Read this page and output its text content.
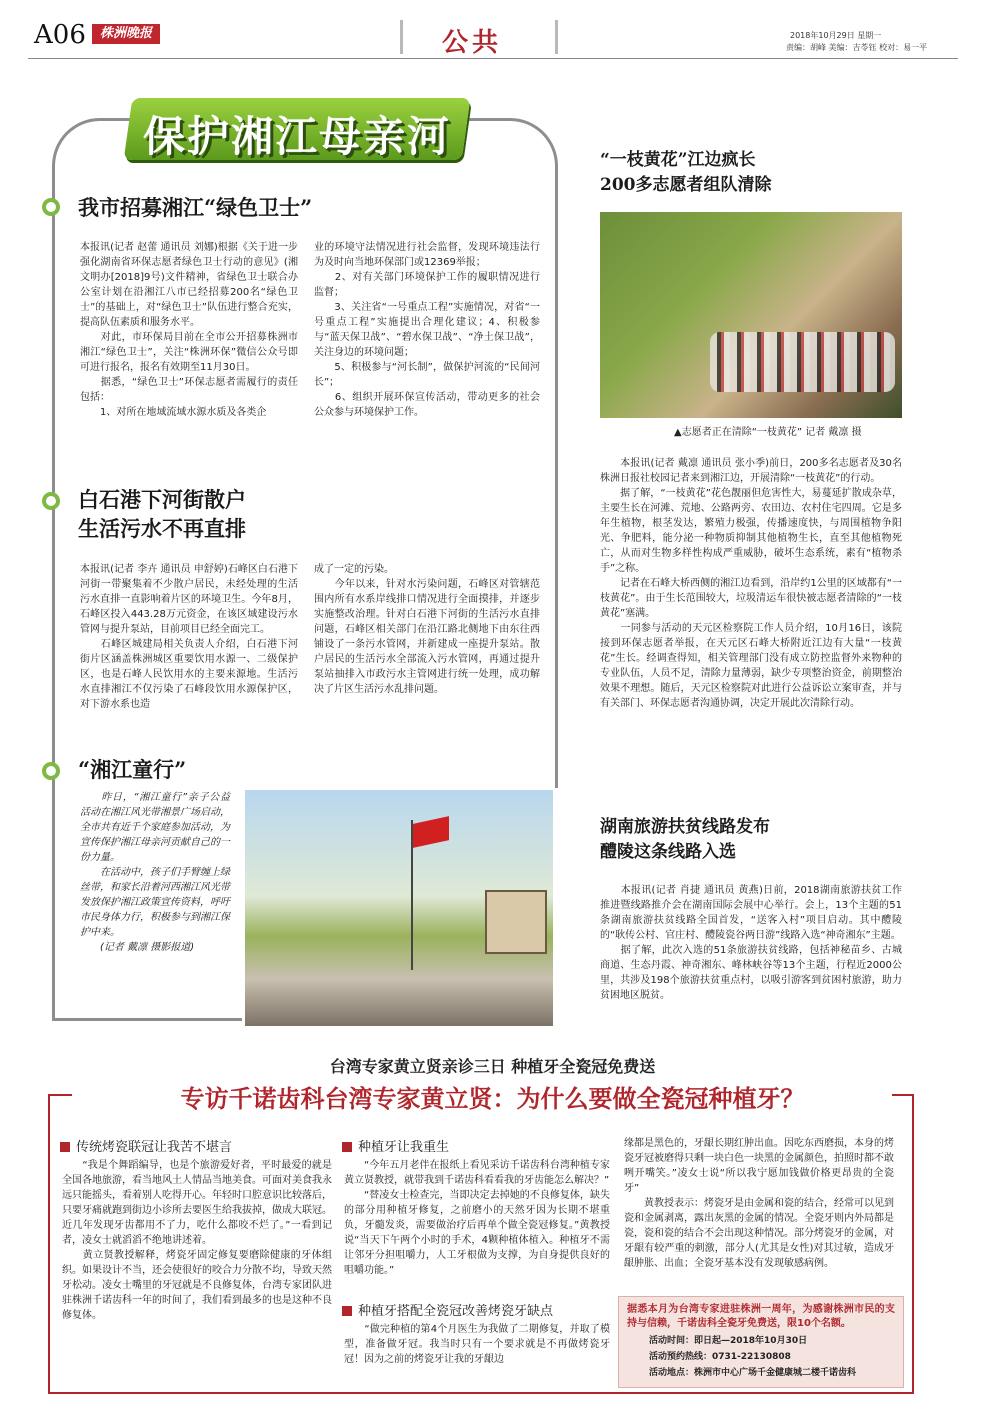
A06	株洲晚报	公共	2018年10月29日 星期一
责编：胡峰 美编：吉苓钰 校对：易一平
保护湘江母亲河
我市招募湘江“绿色卫士”
本报讯(记者 赵蕾 通讯员 刘娜)根据《关于进一步强化湖南省环保志愿者绿色卫士行动的意见》(湘文明办[2018]9号)文件精神，省绿色卫士联合办公室计划在沿湘江八市已经招募200名“绿色卫士”的基础上，对“绿色卫士”队伍进行整合充实，提高队伍素质和服务水平。
　　对此，市环保局目前在全市公开招募株洲市湘江“绿色卫士”，关注“株洲环保”微信公众号即可进行报名，报名有效期至11月30日。
　　据悉，“绿色卫士”环保志愿者需履行的责任包括：
　　1、对所在地域流域水源水质及各类企
业的环境守法情况进行社会监督，发现环境违法行为及时向当地环保部门或12369举报；
　　2、对有关部门环境保护工作的履职情况进行监督；
　　3、关注省“一号重点工程”实施情况，对省“一号重点工程”实施提出合理化建议；4、积极参与“蓝天保卫战”、“碧水保卫战”、“净土保卫战”，关注身边的环境问题；
　　5、积极参与“河长制”，做保护河流的“民间河长”；
　　6、组织开展环保宣传活动，带动更多的社会公众参与环境保护工作。
白石港下河街散户
生活污水不再直排
本报讯(记者 李卉 通讯员 申舒婷)石峰区白石港下河街一带聚集着不少散户居民，未经处理的生活污水直排一直影响着片区的环境卫生。今年8月，石峰区投入443.28万元资金，在该区域建设污水管网与提升泵站，目前项目已经全面完工。
　　石峰区城建局相关负责人介绍，白石港下河街片区涵盖株洲城区重要饮用水源一、二级保护区，也是石峰人民饮用水的主要来源地。生活污水直排湘江不仅污染了石峰段饮用水源保护区，对下游水系也造
成了一定的污染。
　　今年以来，针对水污染问题，石峰区对管辖范围内所有水系岸线排口情况进行全面摸排，并逐步实施整改治理。针对白石港下河街的生活污水直排问题，石峰区相关部门在沿江路北侧地下由东往西铺设了一条污水管网，并新建成一座提升泵站。散户居民的生活污水全部流入污水管网，再通过提升泵站抽排入市政污水主管网进行统一处理，成功解决了片区生活污水乱排问题。
“湘江童行”
　　昨日，“湘江童行”亲子公益活动在湘江风光带湘景广场启动，全市共有近千个家庭参加活动，为宣传保护湘江母亲河贡献自己的一份力量。
　　在活动中，孩子们手臂缠上绿丝带，和家长沿着河西湘江风光带发放保护湘江政策宣传资料，呼吁市民身体力行，积极参与到湘江保护中来。
　　(记者 戴凛 摄影报道)
“一枝黄花”江边疯长
200多志愿者组队清除
▲志愿者正在清除“一枝黄花” 记者 戴凛 摄
　　本报讯(记者 戴凛 通讯员 张小季)前日，200多名志愿者及30名株洲日报社校园记者来到湘江边，开展清除“一枝黄花”的行动。
　　据了解，“一枝黄花”花色靓丽但危害性大，易蔓延扩散成杂草，主要生长在河滩、荒地、公路两旁、农田边、农村住宅四周。它是多年生植物，根茎发达，繁殖力极强，传播速度快，与周围植物争阳光、争肥料，能分泌一种物质抑制其他植物生长，直至其他植物死亡，从而对生物多样性构成严重威胁，破坏生态系统，素有“植物杀手”之称。
　　记者在石峰大桥西侧的湘江边看到，沿岸约1公里的区域都有“一枝黄花”。由于生长范围较大，垃圾清运车很快被志愿者清除的“一枝黄花”塞满。
　　一同参与活动的天元区检察院工作人员介绍，10月16日，该院接到环保志愿者举报，在天元区石峰大桥附近江边有大量“一枝黄花”生长。经调查得知，相关管理部门没有成立防控监督外来物种的专业队伍，人员不足，清除力量薄弱，缺少专项整治资金，前期整治效果不理想。随后，天元区检察院对此进行公益诉讼立案审查，并与有关部门、环保志愿者沟通协调，决定开展此次清除行动。
湖南旅游扶贫线路发布
醴陵这条线路入选
　　本报讯(记者 肖捷 通讯员 黄燕)日前，2018湖南旅游扶贫工作推进暨线路推介会在湖南国际会展中心举行。会上，13个主题的51条湖南旅游扶贫线路全国首发，“送客入村”项目启动。其中醴陵的“耿传公村、官庄村、醴陵瓷谷两日游”线路入选“神奇湘东”主题。
　　据了解，此次入选的51条旅游扶贫线路，包括神秘苗乡、古城商道、生态丹霞、神奇湘东、峰林峡谷等13个主题，行程近2000公里，共涉及198个旅游扶贫重点村，以吸引游客到贫困村旅游，助力贫困地区脱贫。
台湾专家黄立贤亲诊三日 种植牙全瓷冠免费送
专访千诺齿科台湾专家黄立贤：为什么要做全瓷冠种植牙？
传统烤瓷联冠让我苦不堪言
　　“我是个舞蹈编导，也是个旅游爱好者，平时最爱的就是全国各地旅游，看当地风土人情品当地美食。可面对美食我永远只能摇头，看着别人吃得开心。年轻时口腔意识比较落后，只要牙痛就跑到街边小诊所去要医生给我拔掉，做成大联冠。近几年发现牙齿都用不了力，吃什么都咬不烂了。”一看到记者，凌女士就滔滔不绝地讲述着。
　　黄立贤教授解释，烤瓷牙固定修复要磨除健康的牙体组织。如果设计不当，还会使很好的咬合力分散不均，导致天然牙松动。凌女士嘴里的牙冠就是不良修复体，台湾专家团队进驻株洲千诺齿科一年的时间了，我们看到最多的也是这种不良修复体。
种植牙让我重生
　　“今年五月老伴在报纸上看见采访千诺齿科台湾种植专家黄立贤教授，就带我到千诺齿科看看我的牙齿能怎么解决？”
　　“替凌女士检查完，当即决定去掉她的不良修复体，缺失的部分用种植牙修复，之前磨小的天然牙因为长期不堪重负，牙髓发炎，需要做治疗后再单个做全瓷冠修复。”黄教授说“当天下午两个小时的手术，4颗种植体植入。种植牙不需让邻牙分担咀嚼力，人工牙根做为支撑，为自身提供良好的咀嚼功能。”
种植牙搭配全瓷冠改善烤瓷牙缺点
　　“做完种植的第4个月医生为我做了二期修复，并取了模型，准备做牙冠。我当时只有一个要求就是不再做烤瓷牙冠！因为之前的烤瓷牙让我的牙龈边
缘都是黑色的，牙龈长期红肿出血。因吃东西磨损，本身的烤瓷牙冠被磨得只剩一块白色一块黑的金属颜色，拍照时都不敢咧开嘴笑。”凌女士说“所以我宁愿加钱做价格更昂贵的全瓷牙”
　　黄教授表示：烤瓷牙是由金属和瓷的结合，经常可以见到瓷和金属剥离，露出灰黑的金属的情况。全瓷牙则内外局都是瓷，瓷和瓷的结合不会出现这种情况。部分烤瓷牙的金属，对牙龈有较严重的刺激，部分人(尤其是女性)对其过敏，造成牙龈肿胀、出血；全瓷牙基本没有发现敏感病例。
据悉本月为台湾专家进驻株洲一周年，为感谢株洲市民的支持与信赖，千诺齿科全瓷牙免费送，限10个名额。
活动时间：即日起—2018年10月30日
活动预约热线：0731-22130808
活动地点：株洲市中心广场千金健康城二楼千诺齿科
